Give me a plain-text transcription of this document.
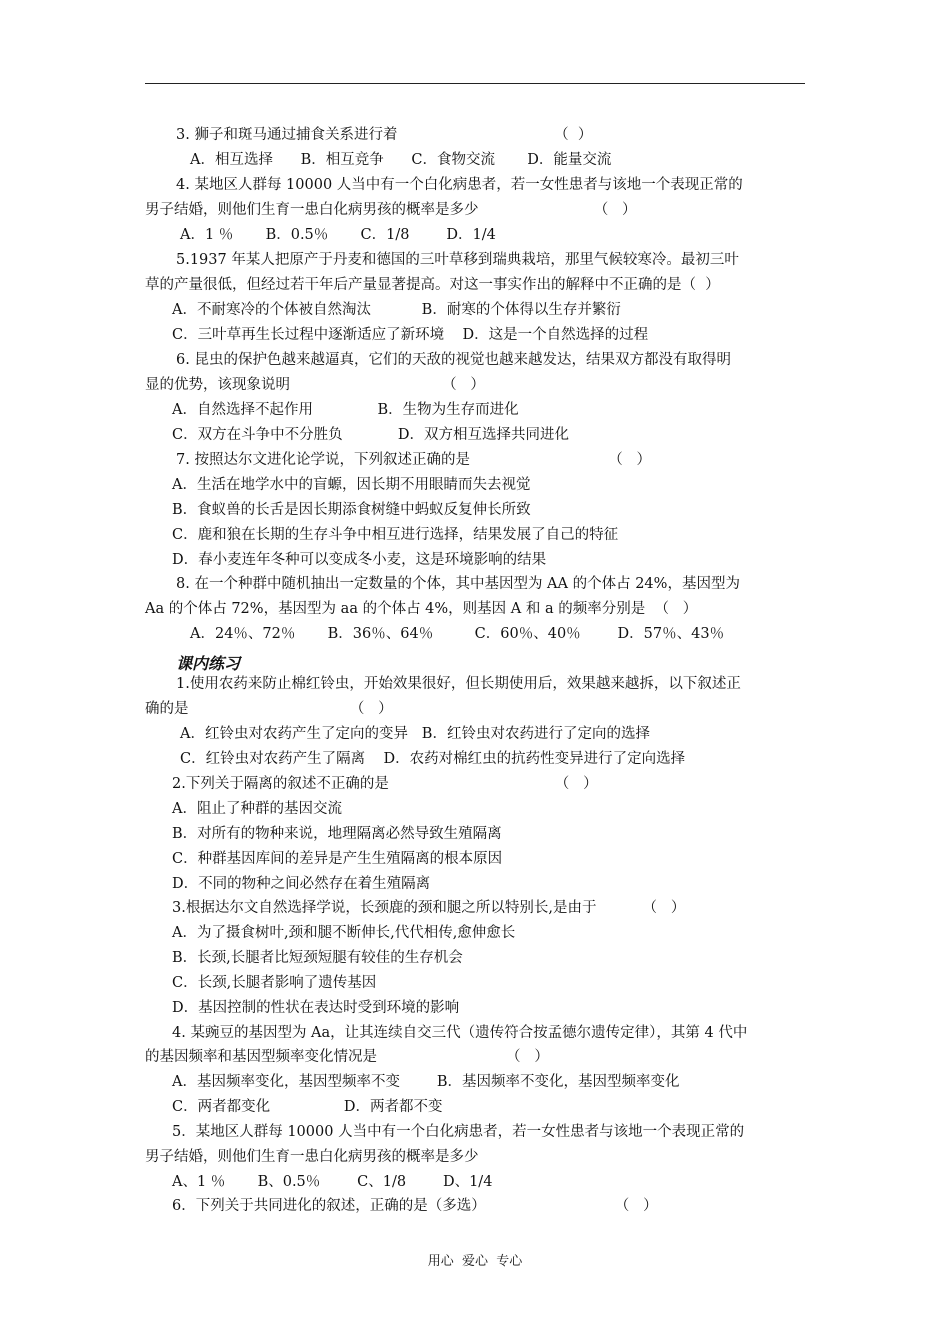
3. 狮子和斑马通过捕食关系进行着                                  （  ）
A．相互选择      B．相互竞争      C．食物交流       D．能量交流
4. 某地区人群每 10000 人当中有一个白化病患者，若一女性患者与该地一个表现正常的
男子结婚，则他们生育一患白化病男孩的概率是多少                         （   ）
A．1 ％       B．0.5％       C．1/8        D．1/4
5.1937 年某人把原产于丹麦和德国的三叶草移到瑞典栽培，那里气候较寒冷。最初三叶
草的产量很低，但经过若干年后产量显著提高。对这一事实作出的解释中不正确的是（  ）
A．不耐寒冷的个体被自然淘汰           B．耐寒的个体得以生存并繁衍
C．三叶草再生长过程中逐渐适应了新环境    D．这是一个自然选择的过程
6. 昆虫的保护色越来越逼真，它们的天敌的视觉也越来越发达，结果双方都没有取得明
显的优势，该现象说明                                 （   ）
A．自然选择不起作用              B．生物为生存而进化
C．双方在斗争中不分胜负            D．双方相互选择共同进化
7. 按照达尔文进化论学说，下列叙述正确的是                              （   ）
A．生活在地学水中的盲螈，因长期不用眼睛而失去视觉
B．食蚁兽的长舌是因长期添食树缝中蚂蚁反复伸长所致
C．鹿和狼在长期的生存斗争中相互进行选择，结果发展了自己的特征
D．春小麦连年冬种可以变成冬小麦，这是环境影响的结果
8. 在一个种群中随机抽出一定数量的个体，其中基因型为 AA 的个体占 24%，基因型为
Aa 的个体占 72%，基因型为 aa 的个体占 4%，则基因 A 和 a 的频率分别是  （   ）
A．24％、72％       B．36％、64％         C．60％、40％        D．57％、43％
课内练习
1.使用农药来防止棉红铃虫，开始效果很好，但长期使用后，效果越来越拆，以下叙述正
确的是                                   （   ）
A．红铃虫对农药产生了定向的变异   B．红铃虫对农药进行了定向的选择
C．红铃虫对农药产生了隔离    D．农药对棉红虫的抗药性变异进行了定向选择
2.下列关于隔离的叙述不正确的是                                    （   ）
A．阻止了种群的基因交流
B．对所有的物种来说，地理隔离必然导致生殖隔离
C．种群基因库间的差异是产生生殖隔离的根本原因
D．不同的物种之间必然存在着生殖隔离
3.根据达尔文自然选择学说，长颈鹿的颈和腿之所以特别长,是由于          （   ）
A．为了摄食树叶,颈和腿不断伸长,代代相传,愈伸愈长
B．长颈,长腿者比短颈短腿有较佳的生存机会
C．长颈,长腿者影响了遗传基因
D．基因控制的性状在表达时受到环境的影响
4. 某豌豆的基因型为 Aa，让其连续自交三代（遗传符合按孟德尔遗传定律），其第 4 代中
的基因频率和基因型频率变化情况是                            （   ）
A．基因频率变化，基因型频率不变        B．基因频率不变化，基因型频率变化
C．两者都变化                D．两者都不变
5．某地区人群每 10000 人当中有一个白化病患者，若一女性患者与该地一个表现正常的
男子结婚，则他们生育一患白化病男孩的概率是多少
A、1 ％       B、0.5％        C、1/8        D、1/4
6．下列关于共同进化的叙述，正确的是（多选）                            （   ）
用心  爱心  专心
